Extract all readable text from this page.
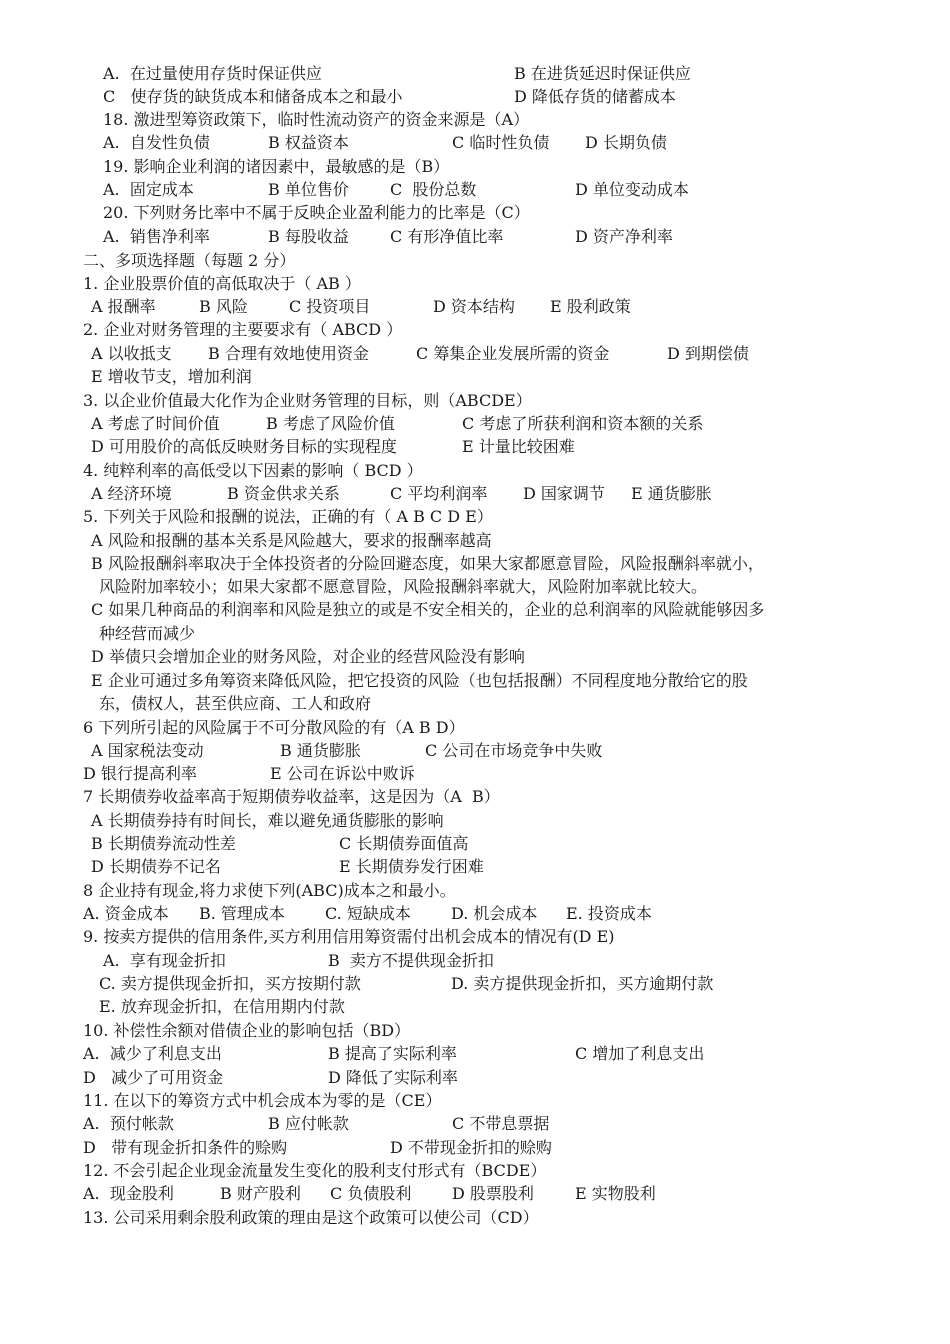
A.  在过量使用存货时保证供应	B 在进货延迟时保证供应
C   使存货的缺货成本和储备成本之和最小	D 降低存货的储蓄成本
18. 激进型筹资政策下，临时性流动资产的资金来源是（A）
A.  自发性负债	B 权益资本	C 临时性负债 D 长期负债
19. 影响企业利润的诸因素中，最敏感的是（B）
A.  固定成本	B 单位售价	C  股份总数	D 单位变动成本
20. 下列财务比率中不属于反映企业盈利能力的比率是（C）
A.  销售净利率	B 每股收益	C 有形净值比率	D 资产净利率
二、多项选择题（每题 2 分）
1. 企业股票价值的高低取决于（ AB ）
A 报酬率	B 风险	C 投资项目	D 资本结构 E 股利政策
2. 企业对财务管理的主要要求有（ ABCD ）
A 以收抵支 B 合理有效地使用资金	C 筹集企业发展所需的资金	D 到期偿债
E 增收节支，增加利润
3. 以企业价值最大化作为企业财务管理的目标，则（ABCDE）
A 考虑了时间价值	B 考虑了风险价值	C 考虑了所获利润和资本额的关系
D 可用股价的高低反映财务目标的实现程度	E 计量比较困难
4. 纯粹利率的高低受以下因素的影响（ BCD ）
A 经济环境	B 资金供求关系	C 平均利润率 D 国家调节 E 通货膨胀
5. 下列关于风险和报酬的说法，正确的有（ A B C D E）
A 风险和报酬的基本关系是风险越大，要求的报酬率越高
B 风险报酬斜率取决于全体投资者的分险回避态度，如果大家都愿意冒险，风险报酬斜率就小，
风险附加率较小；如果大家都不愿意冒险，风险报酬斜率就大，风险附加率就比较大。
C 如果几种商品的利润率和风险是独立的或是不安全相关的，企业的总利润率的风险就能够因多
种经营而减少
D 举债只会增加企业的财务风险，对企业的经营风险没有影响
E 企业可通过多角筹资来降低风险，把它投资的风险（也包括报酬）不同程度地分散给它的股
东，债权人，甚至供应商、工人和政府
6 下列所引起的风险属于不可分散风险的有（A B D）
A 国家税法变动	B 通货膨胀	C 公司在市场竞争中失败
D 银行提高利率	E 公司在诉讼中败诉
7 长期债券收益率高于短期债券收益率，这是因为（A  B）
A 长期债券持有时间长，难以避免通货膨胀的影响
B 长期债券流动性差	C 长期债券面值高
D 长期债券不记名	E 长期债券发行困难
8 企业持有现金,将力求使下列(ABC)成本之和最小。
A. 资金成本 B. 管理成本	C. 短缺成本	D. 机会成本 E. 投资成本
9. 按卖方提供的信用条件,买方利用信用筹资需付出机会成本的情况有(D E)
A.  享有现金折扣	B  卖方不提供现金折扣
C. 卖方提供现金折扣，买方按期付款	D. 卖方提供现金折扣，买方逾期付款
E. 放弃现金折扣，在信用期内付款
10. 补偿性余额对借债企业的影响包括（BD）
A.  减少了利息支出	B 提高了实际利率	C 增加了利息支出
D   减少了可用资金	D 降低了实际利率
11. 在以下的筹资方式中机会成本为零的是（CE）
A.  预付帐款	B 应付帐款	C 不带息票据
D   带有现金折扣条件的赊购	D 不带现金折扣的赊购
12. 不会引起企业现金流量发生变化的股利支付形式有（BCDE）
A.  现金股利	B 财产股利 C 负债股利	D 股票股利	E 实物股利
13. 公司采用剩余股利政策的理由是这个政策可以使公司（CD）
